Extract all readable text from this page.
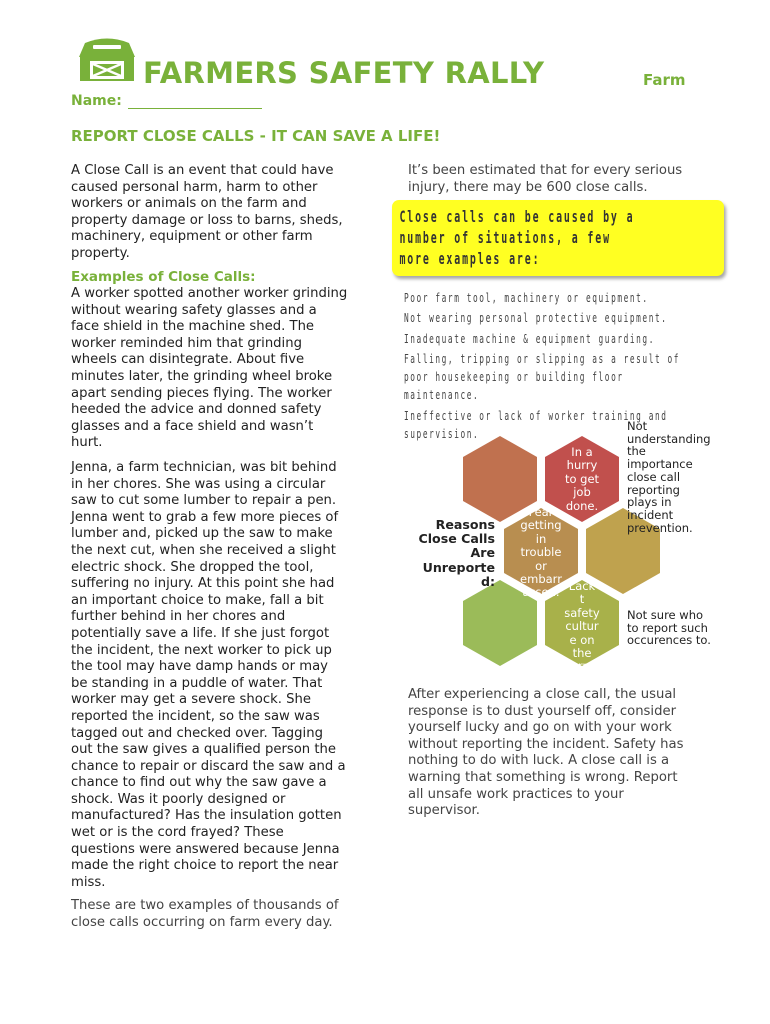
FARMERS SAFETY RALLY	Farm
Name:
REPORT CLOSE CALLS - IT CAN SAVE A LIFE!
A Close Call is an event that could have
caused personal harm, harm to other
workers or animals on the farm and
property damage or loss to barns, sheds,
machinery, equipment or other farm
property.
Examples of Close Calls:
A worker spotted another worker grinding
without wearing safety glasses and a
face shield in the machine shed. The
worker reminded him that grinding
wheels can disintegrate. About five
minutes later, the grinding wheel broke
apart sending pieces flying. The worker
heeded the advice and donned safety
glasses and a face shield and wasn’t
hurt.
Jenna, a farm technician, was bit behind
in her chores. She was using a circular
saw to cut some lumber to repair a pen.
Jenna went to grab a few more pieces of
lumber and, picked up the saw to make
the next cut, when she received a slight
electric shock. She dropped the tool,
suffering no injury. At this point she had
an important choice to make, fall a bit
further behind in her chores and
potentially save a life. If she just forgot
the incident, the next worker to pick up
the tool may have damp hands or may
be standing in a puddle of water. That
worker may get a severe shock. She
reported the incident, so the saw was
tagged out and checked over. Tagging
out the saw gives a qualified person the
chance to repair or discard the saw and a
chance to find out why the saw gave a
shock. Was it poorly designed or
manufactured? Has the insulation gotten
wet or is the cord frayed? These
questions were answered because Jenna
made the right choice to report the near
miss.
These are two examples of thousands of
close calls occurring on farm every day.
It’s been estimated that for every serious
injury, there may be 600 close calls.
Close calls can be caused by a
number of situations, a few
more examples are:
Poor farm tool, machinery or equipment.
Not wearing personal protective equipment.
Inadequate machine & equipment guarding.
Falling, tripping or slipping as a result of
poor housekeeping or building floor
maintenance.
Ineffective or lack of worker training and
supervision.
In a
hurry
to get
job
done.
Fear
getting
in
trouble
or
embarr
assed. Lack
t
safety
cultur
e on
the
farm.
Reasons
Close Calls
Are
Unreporte
d:
Not
understanding
the
importance
close call
reporting
plays in
incident
prevention.
Not sure who
to report such
occurences to.
After experiencing a close call, the usual
response is to dust yourself off, consider
yourself lucky and go on with your work
without reporting the incident. Safety has
nothing to do with luck. A close call is a
warning that something is wrong. Report
all unsafe work practices to your
supervisor.
